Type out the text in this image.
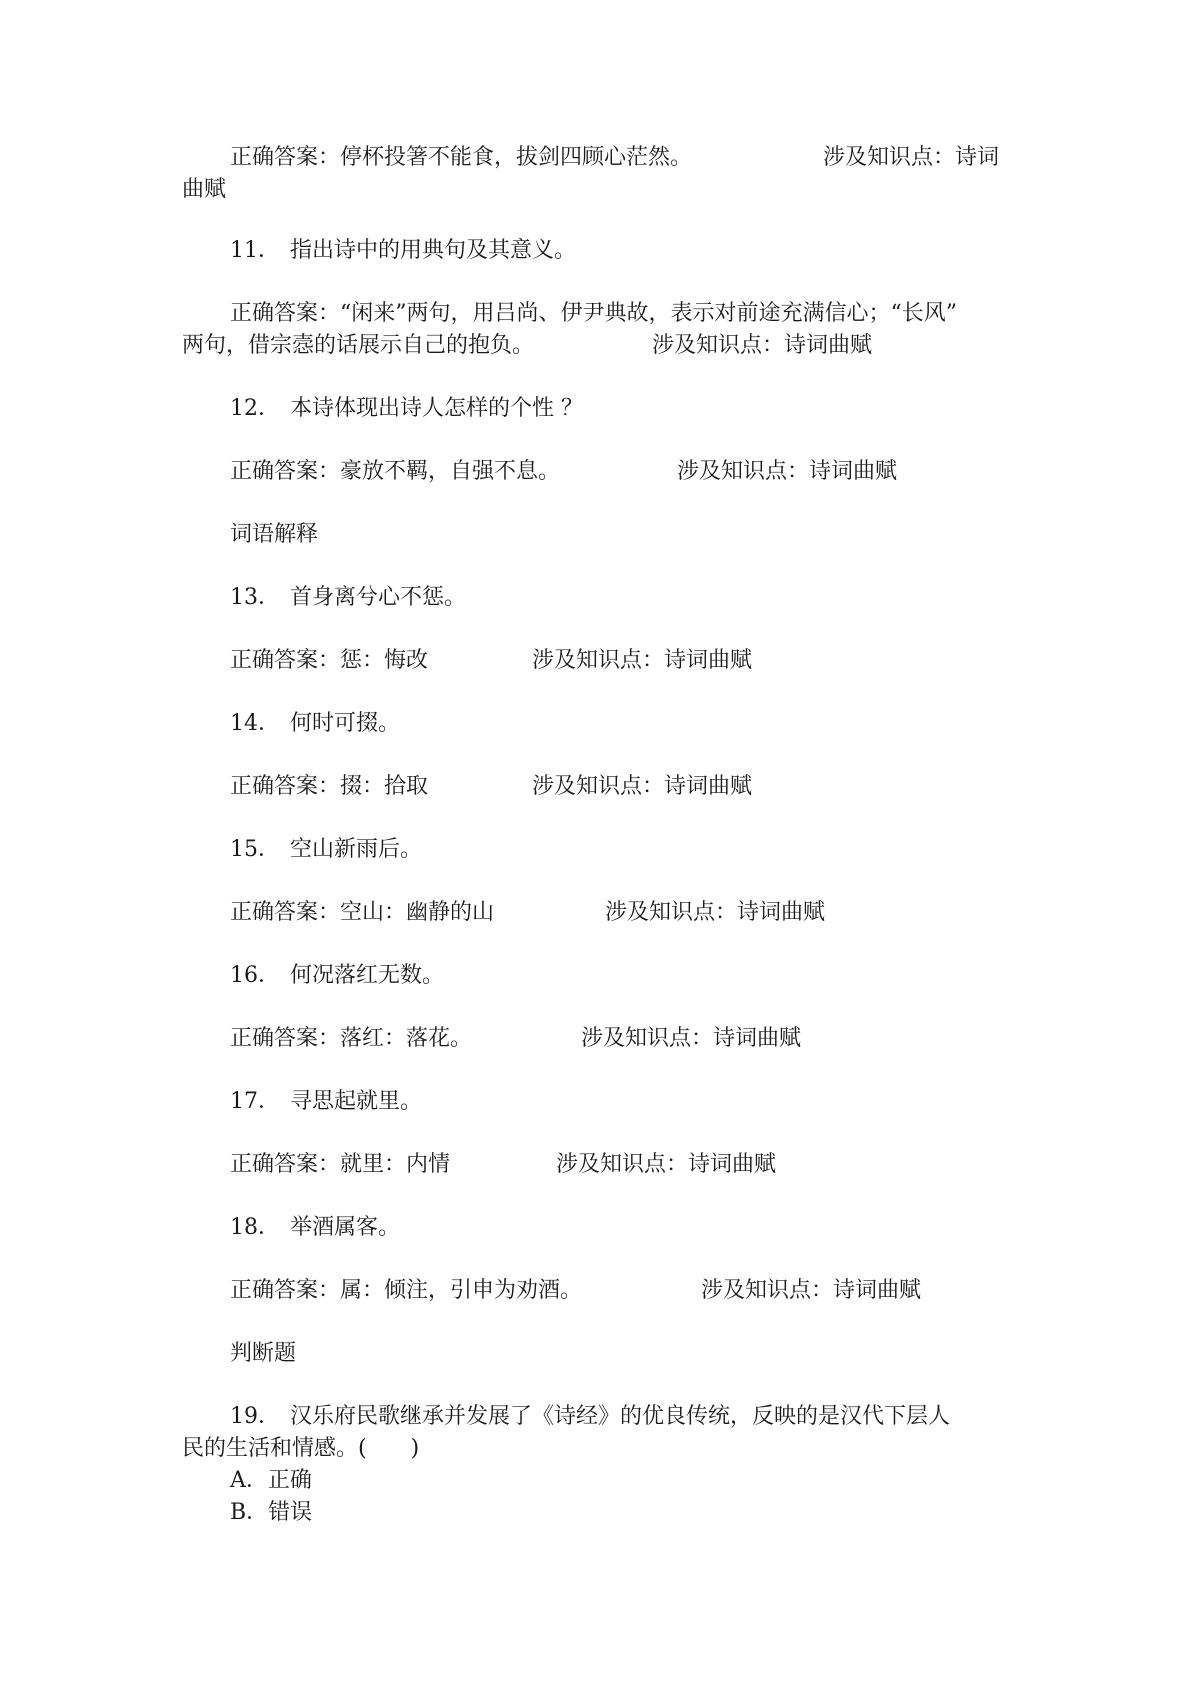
正确答案：停杯投箸不能食，拔剑四顾心茫然。	涉及知识点：诗词
曲赋
11． 指出诗中的用典句及其意义。
正确答案：“闲来”两句，用吕尚、伊尹典故，表示对前途充满信心；“长风”
两句，借宗悫的话展示自己的抱负。	涉及知识点：诗词曲赋
12． 本诗体现出诗人怎样的个性 ？
正确答案：豪放不羁，自强不息。	涉及知识点：诗词曲赋
词语解释
13． 首身离兮心不惩。
正确答案：惩：悔改	涉及知识点：诗词曲赋
14． 何时可掇。
正确答案：掇：拾取	涉及知识点：诗词曲赋
15． 空山新雨后。
正确答案：空山：幽静的山	涉及知识点：诗词曲赋
16． 何况落红无数。
正确答案：落红：落花。	涉及知识点：诗词曲赋
17． 寻思起就里。
正确答案：就里：内情	涉及知识点：诗词曲赋
18． 举酒属客。
正确答案：属：倾注，引申为劝酒。	涉及知识点：诗词曲赋
判断题
19． 汉乐府民歌继承并发展了《诗经》的优良传统，反映的是汉代下层人
民的生活和情感。(　　)
A．正确
B．错误
